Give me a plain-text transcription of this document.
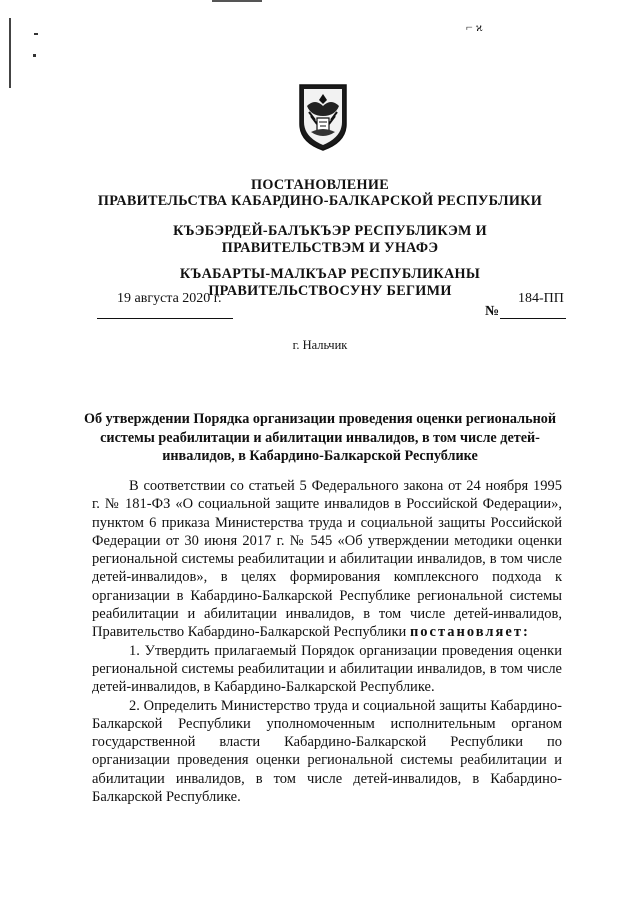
⌐ ϰ
ПОСТАНОВЛЕНИЕ
ПРАВИТЕЛЬСТВА КАБАРДИНО-БАЛКАРСКОЙ РЕСПУБЛИКИ
КЪЭБЭРДЕЙ-БАЛЪКЪЭР РЕСПУБЛИКЭМ И ПРАВИТЕЛЬСТВЭМ И УНАФЭ
КЪАБАРТЫ-МАЛКЪАР РЕСПУБЛИКАНЫ ПРАВИТЕЛЬСТВОСУНУ БЕГИМИ
19 августа 2020 г.
№
184-ПП
г. Нальчик
Об утверждении Порядка организации проведения оценки региональной системы реабилитации и абилитации инвалидов, в том числе детей-инвалидов, в Кабардино-Балкарской Республике

В соответствии со статьей 5 Федерального закона от 24 ноября 1995 г. № 181-ФЗ «О социальной защите инвалидов в Российской Федерации», пунктом 6 приказа Министерства труда и социальной защиты Российской Федерации от 30 июня 2017 г. № 545 «Об утверждении методики оценки региональной системы реабилитации и абилитации инвалидов, в том числе детей-инвалидов», в целях формирования комплексного подхода к организации в Кабардино-Балкарской Республике региональной системы реабилитации и абилитации инвалидов, в том числе детей-инвалидов, Правительство Кабардино-Балкарской Республики постановляет:

1. Утвердить прилагаемый Порядок организации проведения оценки региональной системы реабилитации и абилитации инвалидов, в том числе детей-инвалидов, в Кабардино-Балкарской Республике.

2. Определить Министерство труда и социальной защиты Кабардино-Балкарской Республики уполномоченным исполнительным органом государственной власти Кабардино-Балкарской Республики по организации проведения оценки региональной системы реабилитации и абилитации инвалидов, в том числе детей-инвалидов, в Кабардино-Балкарской Республике.
